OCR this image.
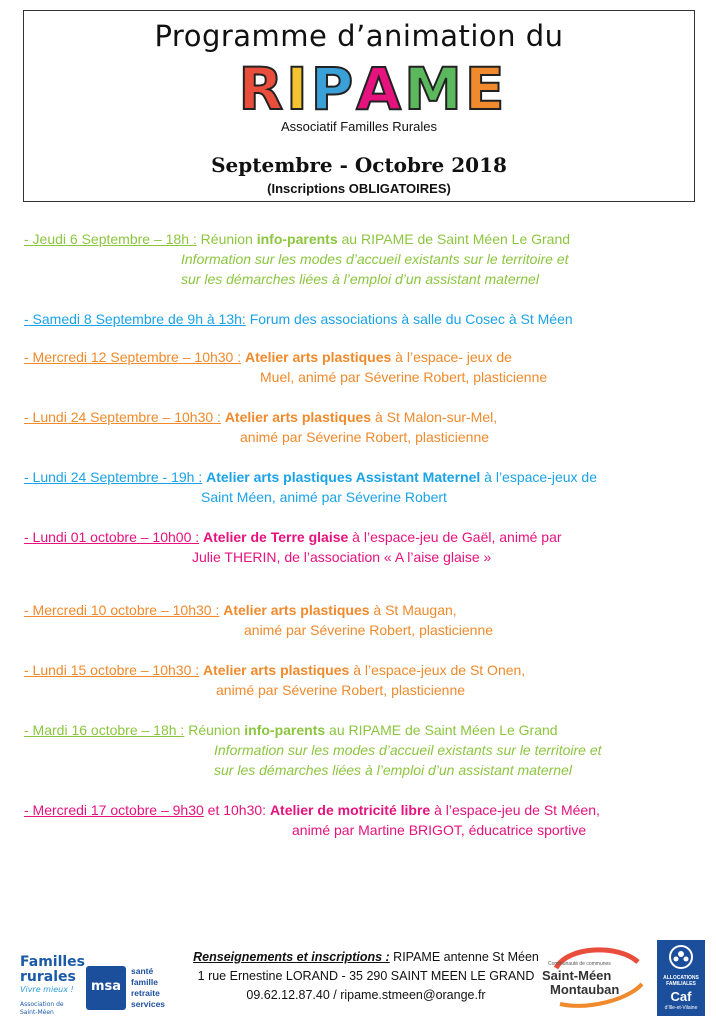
Programme d’animation du
R I P A M E
Associatif Familles Rurales
Septembre - Octobre 2018
(Inscriptions OBLIGATOIRES)
- Jeudi 6 Septembre – 18h : Réunion info-parents au RIPAME de Saint Méen Le Grand
Information sur les modes d’accueil existants sur le territoire et
sur les démarches liées à l’emploi d’un assistant maternel
- Samedi 8 Septembre de 9h à 13h: Forum des associations à salle du Cosec à St Méen
- Mercredi 12 Septembre – 10h30 : Atelier arts plastiques à l’espace- jeux de
Muel, animé par Séverine Robert, plasticienne
- Lundi 24 Septembre – 10h30 : Atelier arts plastiques à St Malon-sur-Mel,
animé par Séverine Robert, plasticienne
- Lundi 24 Septembre - 19h : Atelier arts plastiques Assistant Maternel à l’espace-jeux de
Saint Méen, animé par Séverine Robert
- Lundi 01 octobre – 10h00 : Atelier de Terre glaise à l’espace-jeu de Gaël, animé par
Julie THERIN, de l’association « A l’aise glaise »
- Mercredi 10 octobre – 10h30 : Atelier arts plastiques à St Maugan,
animé par Séverine Robert, plasticienne
- Lundi 15 octobre – 10h30 : Atelier arts plastiques à l’espace-jeux de St Onen,
animé par Séverine Robert, plasticienne
- Mardi 16 octobre – 18h : Réunion info-parents au RIPAME de Saint Méen Le Grand
Information sur les modes d’accueil existants sur le territoire et
sur les démarches liées à l’emploi d’un assistant maternel
- Mercredi 17 octobre – 9h30 et 10h30: Atelier de motricité libre à l’espace-jeu de St Méen,
animé par Martine BRIGOT, éducatrice sportive
Familles
rurales
Vivre mieux !
Association de Saint-Méen
msa
santé
famille
retraite
services
Renseignements et inscriptions : RIPAME antenne St Méen
1 rue Ernestine LORAND - 35 290 SAINT MEEN LE GRAND
09.62.12.87.40 / ripame.stmeen@orange.fr
Communauté de communes
Saint-Méen
Montauban
ALLOCATIONS FAMILIALES
Caf
d’Ille-et-Vilaine
